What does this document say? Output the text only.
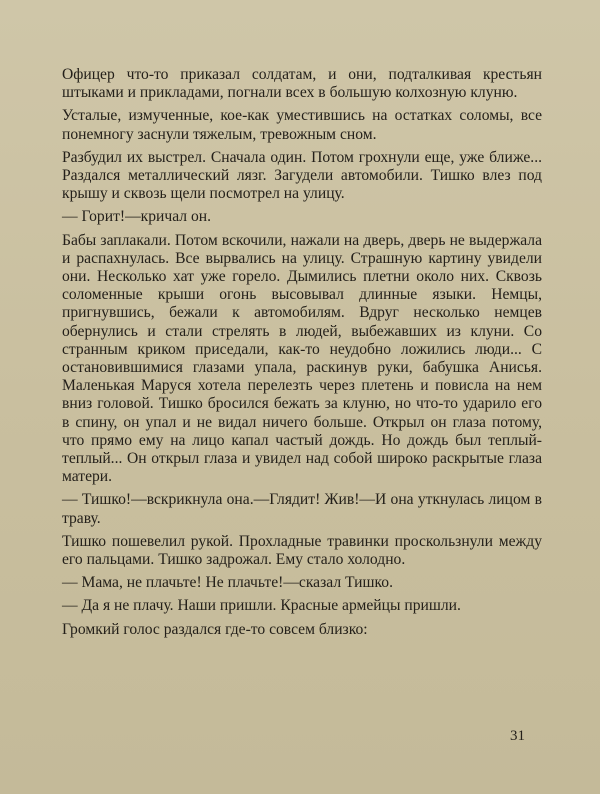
Офицер что-то приказал солдатам, и они, подталкивая крестьян штыками и прикладами, погнали всех в большую колхозную клуню.

Усталые, измученные, кое-как уместившись на остатках соломы, все понемногу заснули тяжелым, тревожным сном.

Разбудил их выстрел. Сначала один. Потом грохнули еще, уже ближе... Раздался металлический лязг. Загудели автомобили. Тишко влез под крышу и сквозь щели посмотрел на улицу.

— Горит!—кричал он.

Бабы заплакали. Потом вскочили, нажали на дверь, дверь не выдержала и распахнулась. Все вырвались на улицу. Страшную картину увидели они. Несколько хат уже горело. Дымились плетни около них. Сквозь соломенные крыши огонь высовывал длинные языки. Немцы, пригнувшись, бежали к автомобилям. Вдруг несколько немцев обернулись и стали стрелять в людей, выбежавших из клуни. Со странным криком приседали, как-то неудобно ложились люди... С остановившимися глазами упала, раскинув руки, бабушка Анисья. Маленькая Маруся хотела перелезть через плетень и повисла на нем вниз головой. Тишко бросился бежать за клуню, но что-то ударило его в спину, он упал и не видал ничего больше. Открыл он глаза потому, что прямо ему на лицо капал частый дождь. Но дождь был теплый-теплый... Он открыл глаза и увидел над собой широко раскрытые глаза матери.

— Тишко!—вскрикнула она.—Глядит! Жив!—И она уткнулась лицом в траву.

Тишко пошевелил рукой. Прохладные травинки проскользнули между его пальцами. Тишко задрожал. Ему стало холодно.

— Мама, не плачьте! Не плачьте!—сказал Тишко.

— Да я не плачу. Наши пришли. Красные армейцы пришли.

Громкий голос раздался где-то совсем близко:

31
